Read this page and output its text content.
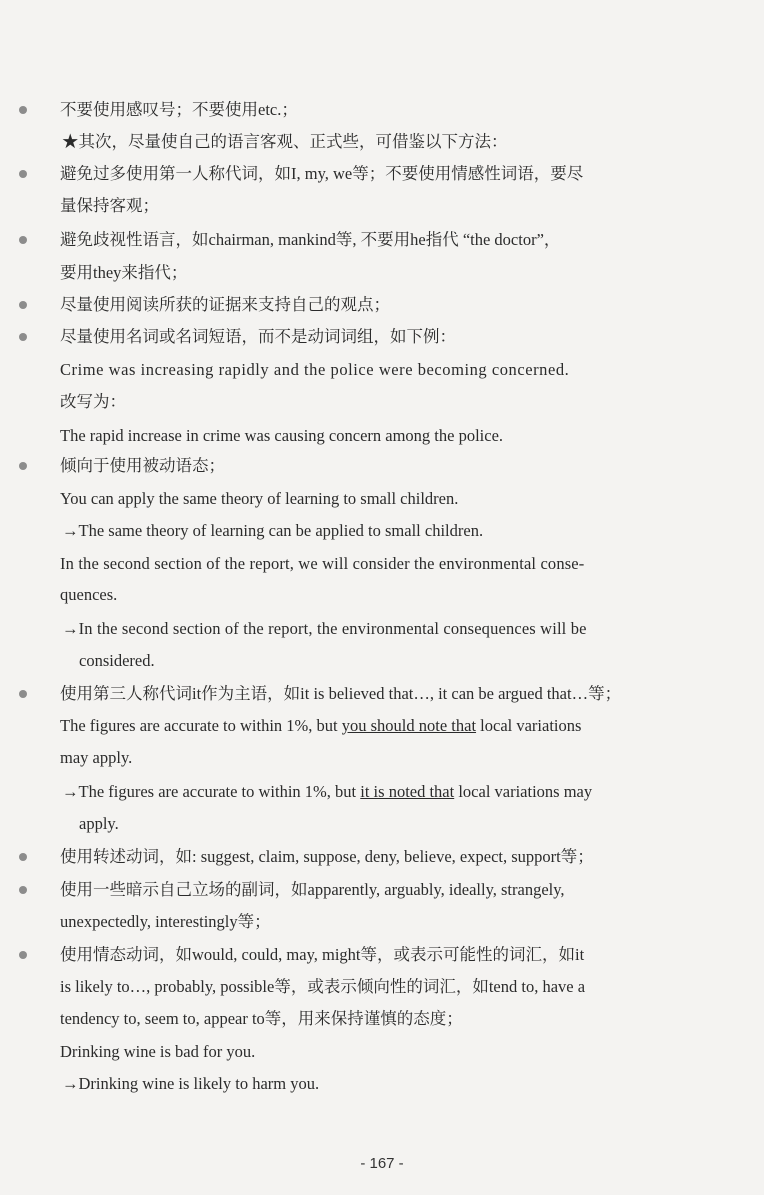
不要使用感叹号；不要使用etc.；
★其次，尽量使自己的语言客观、正式些，可借鉴以下方法：
避免过多使用第一人称代词，如I, my, we等；不要使用情感性词语，要尽
量保持客观；
避免歧视性语言，如chairman, mankind等, 不要用he指代 “the doctor”，
要用they来指代；
尽量使用阅读所获的证据来支持自己的观点；
尽量使用名词或名词短语，而不是动词词组，如下例：
Crime was increasing rapidly and the police were becoming concerned.
改写为：
The rapid increase in crime was causing concern among the police.
倾向于使用被动语态；
You can apply the same theory of learning to small children.
→The same theory of learning can be applied to small children.
In the second section of the report, we will consider the environmental conse-
quences.
→In the second section of the report, the environmental consequences will be
considered.
使用第三人称代词it作为主语，如it is believed that…, it can be argued that…等；
The figures are accurate to within 1%, but you should note that local variations
may apply.
→The figures are accurate to within 1%, but it is noted that local variations may
apply.
使用转述动词，如: suggest, claim, suppose, deny, believe, expect, support等；
使用一些暗示自己立场的副词，如apparently, arguably, ideally, strangely,
unexpectedly, interestingly等；
使用情态动词，如would, could, may, might等，或表示可能性的词汇，如it
is likely to…, probably, possible等，或表示倾向性的词汇，如tend to, have a
tendency to, seem to, appear to等，用来保持谨慎的态度；
Drinking wine is bad for you.
→Drinking wine is likely to harm you.
- 167 -
